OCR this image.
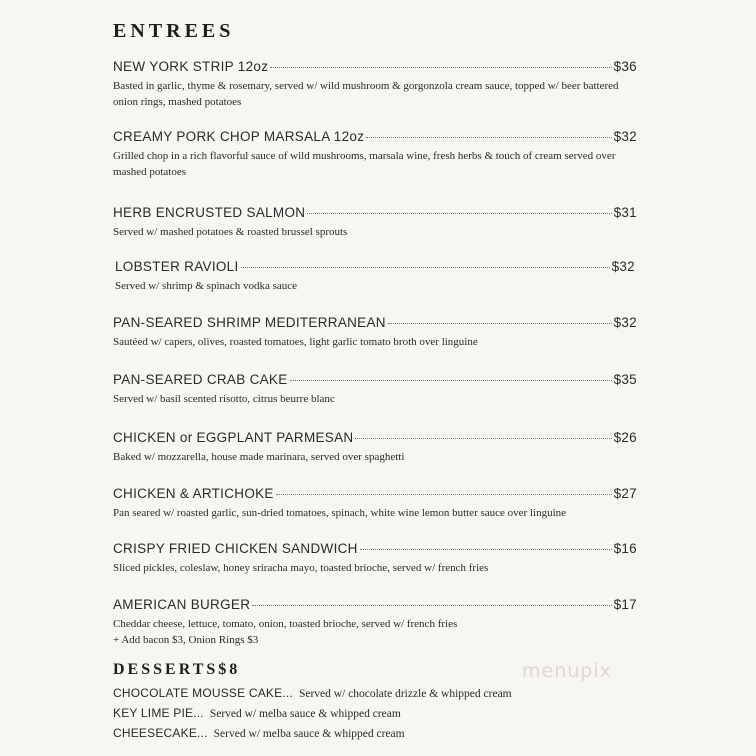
ENTREES
NEW YORK STRIP 12oz	$36
Basted in garlic, thyme & rosemary, served w/ wild mushroom & gorgonzola cream sauce, topped w/ beer battered onion rings, mashed potatoes
CREAMY PORK CHOP MARSALA 12oz	$32
Grilled chop in a rich flavorful sauce of wild mushrooms, marsala wine, fresh herbs & touch of cream served over mashed potatoes
HERB ENCRUSTED SALMON	$31
Served w/ mashed potatoes & roasted brussel sprouts
LOBSTER RAVIOLI	$32
Served w/ shrimp & spinach vodka sauce
PAN-SEARED SHRIMP MEDITERRANEAN	$32
Sautéed w/ capers, olives, roasted tomatoes, light garlic tomato broth over linguine
PAN-SEARED CRAB CAKE	$35
Served w/ basil scented risotto, citrus beurre blanc
CHICKEN or EGGPLANT PARMESAN	$26
Baked w/ mozzarella, house made marinara, served over spaghetti
CHICKEN & ARTICHOKE	$27
Pan seared w/ roasted garlic, sun-dried tomatoes, spinach, white wine lemon butter sauce over linguine
CRISPY FRIED CHICKEN SANDWICH	$16
Sliced pickles, coleslaw, honey sriracha mayo, toasted brioche, served w/ french fries
AMERICAN BURGER	$17
Cheddar cheese, lettuce, tomato, onion, toasted brioche, served w/ french fries
+ Add bacon $3, Onion Rings $3
DESSERTS$8	menupix
CHOCOLATE MOUSSE CAKE... Served w/ chocolate drizzle & whipped cream
KEY LIME PIE... Served w/ melba sauce & whipped cream
CHEESECAKE... Served w/ melba sauce & whipped cream
